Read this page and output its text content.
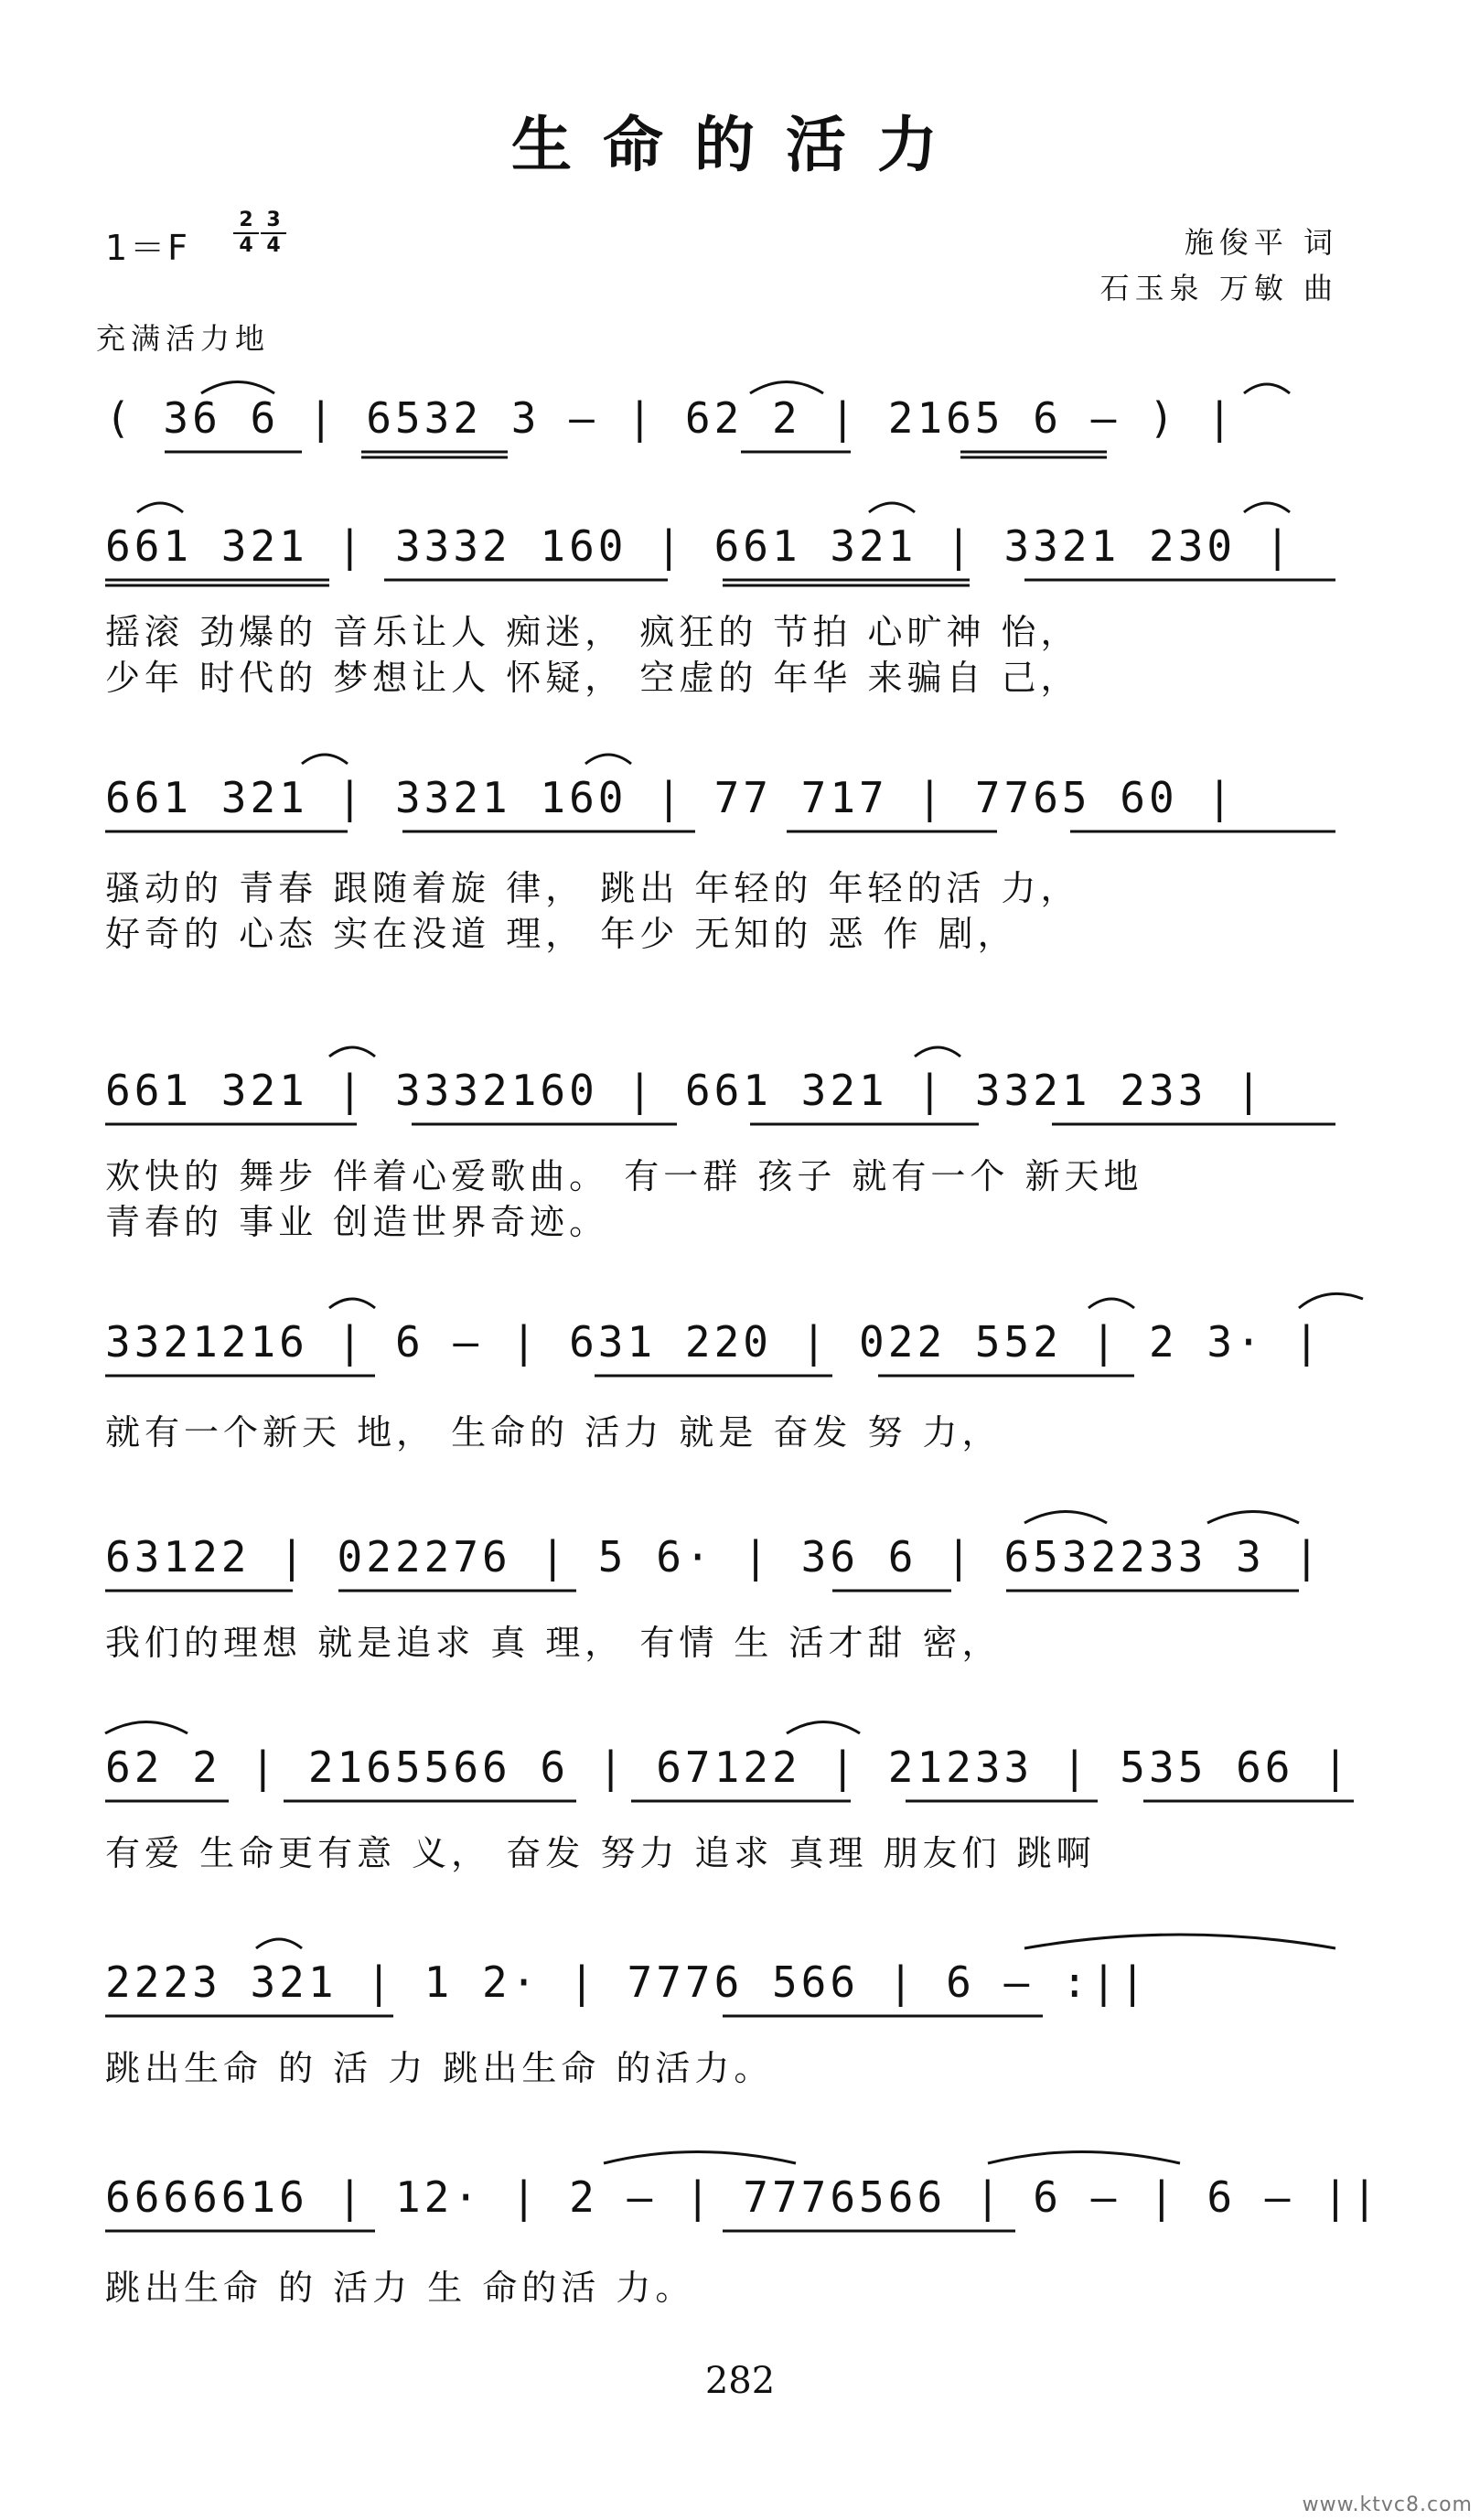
生命的活力
1＝F
2
4
3
4	施俊平 词
石玉泉 万敏 曲
充满活力地
( 36 6 | 6532 3 – | 62 2 | 2165 6 – ) |
661 321 | 3332 160 | 661 321 | 3321 230 |
摇滚 劲爆的 音乐让人 痴迷， 疯狂的 节拍 心旷神 怡，
少年 时代的 梦想让人 怀疑， 空虚的 年华 来骗自 己，
661 321 | 3321 160 | 77 717 | 7765 60 |
骚动的 青春 跟随着旋 律， 跳出 年轻的 年轻的活 力，
好奇的 心态 实在没道 理， 年少 无知的 恶 作 剧，
661 321 | 3332160 | 661 321 | 3321 233 |
欢快的 舞步 伴着心爱歌曲。 有一群 孩子 就有一个 新天地
青春的 事业 创造世界奇迹。
3321216 | 6 – | 631 220 | 022 552 | 2 3· |
就有一个新天 地， 生命的 活力 就是 奋发 努 力，
63122 | 022276 | 5 6· | 36 6 | 6532233 3 |
我们的理想 就是追求 真 理， 有情 生 活才甜 密，
62 2 | 2165566 6 | 67122 | 21233 | 535 66 |
有爱 生命更有意 义， 奋发 努力 追求 真理 朋友们 跳啊
2223 321 | 1 2· | 7776 566 | 6 – :||
跳出生命 的 活 力 跳出生命 的活力。
6666616 | 12· | 2 – | 7776566 | 6 – | 6 – ||
跳出生命 的 活力 生 命的活 力。
282
www.ktvc8.com
